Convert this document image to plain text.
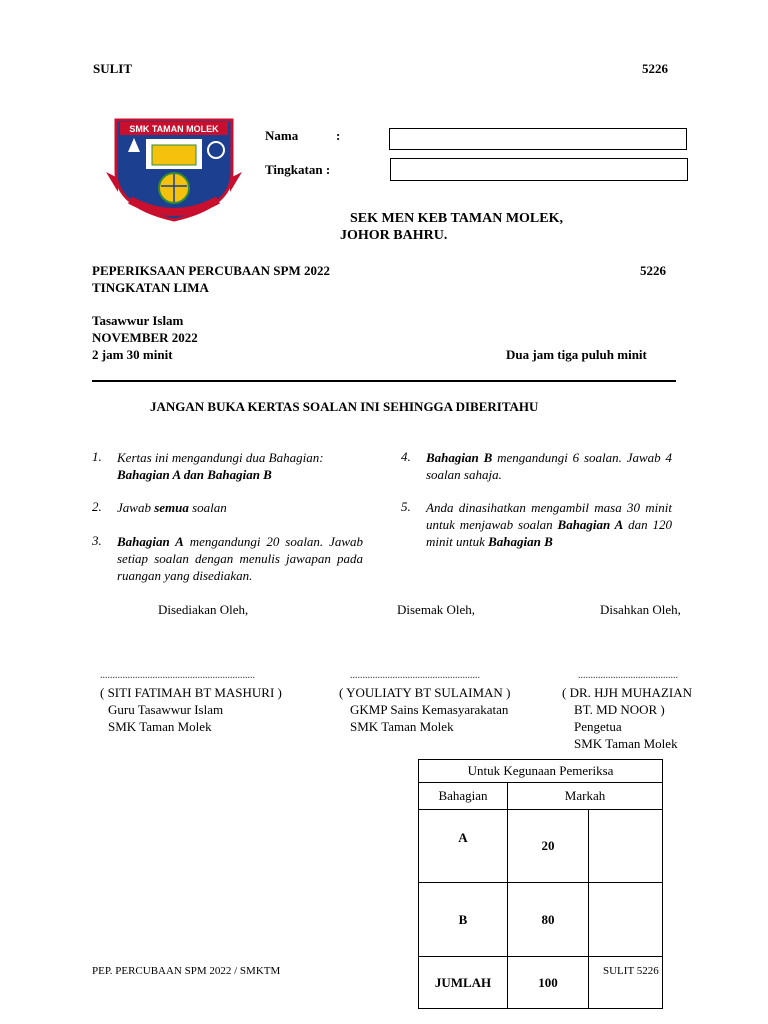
SULIT	5226
SMK TAMAN MOLEK	Nama	:
Tingkatan :
SEK MEN KEB TAMAN MOLEK,
JOHOR BAHRU.
PEPERIKSAAN PERCUBAAN SPM 2022	5226
TINGKATAN LIMA
Tasawwur Islam
NOVEMBER 2022
2 jam 30 minit	Dua jam tiga puluh minit
JANGAN BUKA KERTAS SOALAN INI SEHINGGA DIBERITAHU
1. Kertas ini mengandungi dua Bahagian:
Bahagian A dan Bahagian B
2. Jawab semua soalan
3. Bahagian A mengandungi 20 soalan. Jawab setiap soalan dengan menulis jawapan pada ruangan yang disediakan.
4. Bahagian B mengandungi 6 soalan. Jawab 4 soalan sahaja.
5. Anda dinasihatkan mengambil masa 30 minit untuk menjawab soalan Bahagian A dan 120 minit untuk Bahagian B
Disediakan Oleh,	Disemak Oleh,	Disahkan Oleh,
..............................................................	....................................................	........................................
( SITI FATIMAH BT MASHURI )
Guru Tasawwur Islam
SMK Taman Molek
( YOULIATY BT SULAIMAN )
GKMP Sains Kemasyarakatan
SMK Taman Molek
( DR. HJH MUHAZIAN
BT. MD NOOR )
Pengetua
SMK Taman Molek
Untuk Kegunaan Pemeriksa		
Bahagian	Markah	
A	20	
B	80	
JUMLAH	100	
PEP. PERCUBAAN SPM 2022 / SMKTM	SULIT 5226
